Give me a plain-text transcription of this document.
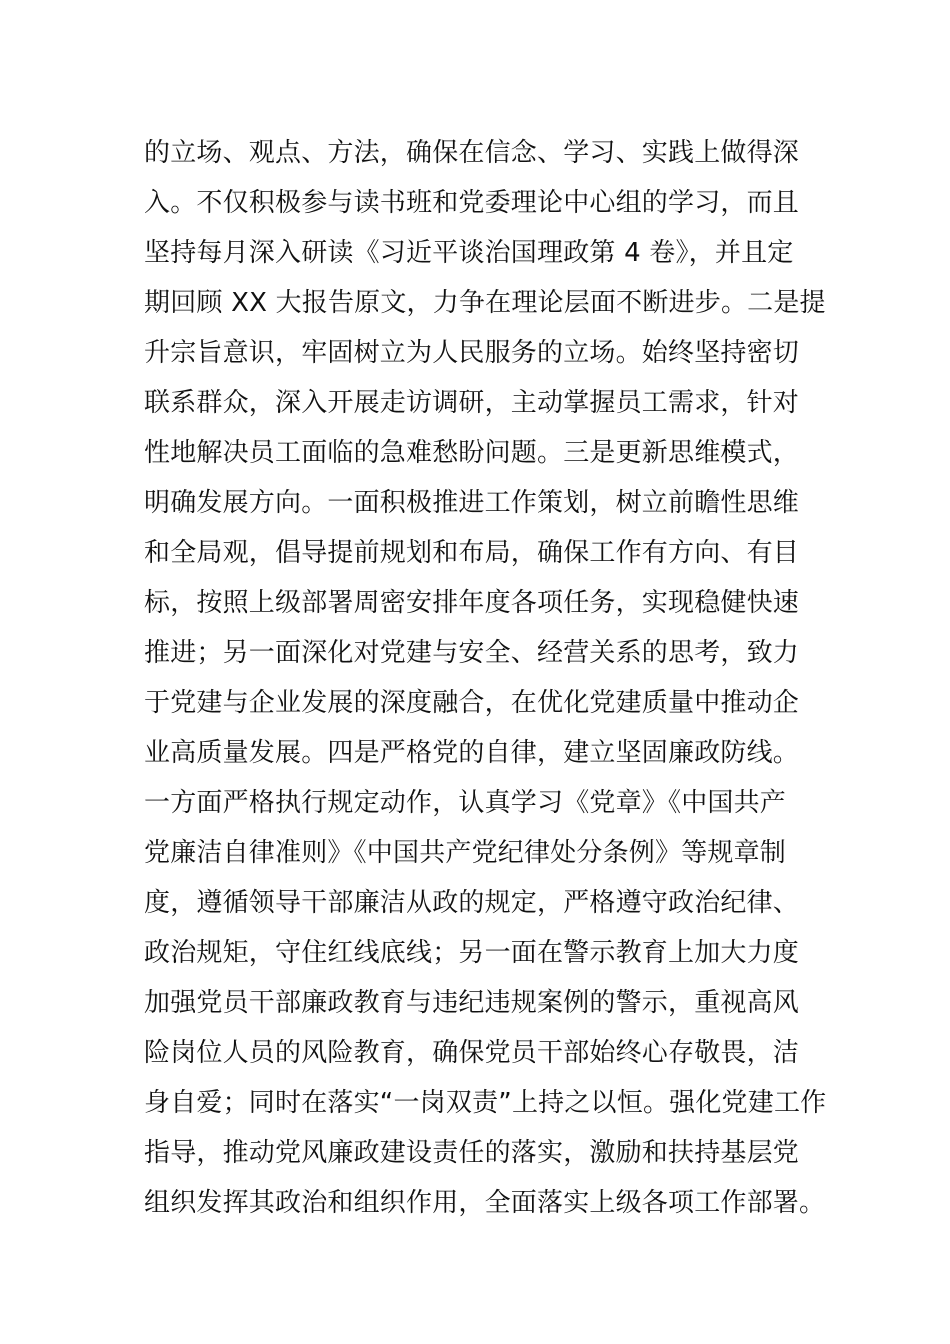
的立场、观点、方法，确保在信念、学习、实践上做得深
入。不仅积极参与读书班和党委理论中心组的学习，而且
坚持每月深入研读《习近平谈治国理政第 4 卷》，并且定
期回顾 XX 大报告原文，力争在理论层面不断进步。二是提
升宗旨意识，牢固树立为人民服务的立场。始终坚持密切
联系群众，深入开展走访调研，主动掌握员工需求，针对
性地解决员工面临的急难愁盼问题。三是更新思维模式，
明确发展方向。一面积极推进工作策划，树立前瞻性思维
和全局观，倡导提前规划和布局，确保工作有方向、有目
标，按照上级部署周密安排年度各项任务，实现稳健快速
推进；另一面深化对党建与安全、经营关系的思考，致力
于党建与企业发展的深度融合，在优化党建质量中推动企
业高质量发展。四是严格党的自律，建立坚固廉政防线。
一方面严格执行规定动作，认真学习《党章》《中国共产
党廉洁自律准则》《中国共产党纪律处分条例》等规章制
度，遵循领导干部廉洁从政的规定，严格遵守政治纪律、
政治规矩，守住红线底线；另一面在警示教育上加大力度
加强党员干部廉政教育与违纪违规案例的警示，重视高风
险岗位人员的风险教育，确保党员干部始终心存敬畏，洁
身自爱；同时在落实“一岗双责”上持之以恒。强化党建工作
指导，推动党风廉政建设责任的落实，激励和扶持基层党
组织发挥其政治和组织作用，全面落实上级各项工作部署。
